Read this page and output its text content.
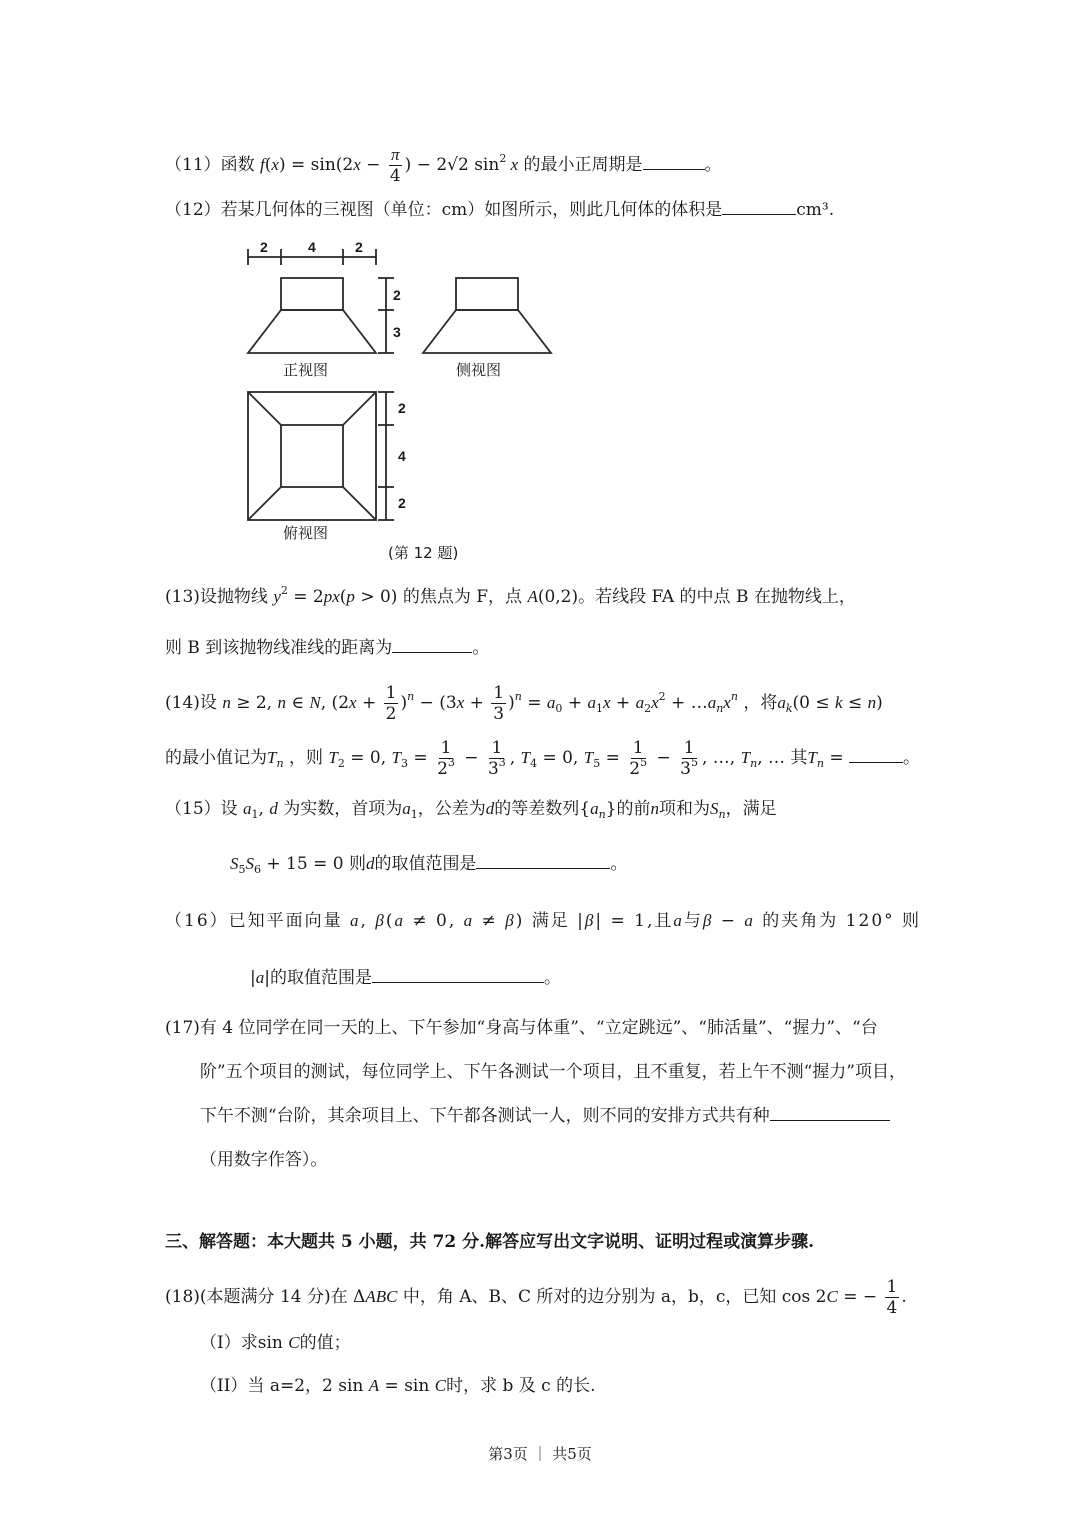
（11）函数 $f(x) = \sin(2x - \frac{\pi}{4}$ ) − 2√2 $\sin^2 x$ 的最小正周期是	。
（12）若某几何体的三视图（单位：cm）如图所示，则此几何体的体积是	cm³.
2	4	2
2
3
2
4
2
正视图	侧视图
俯视图
(第 12 题)
(13)设抛物线 $y^2 = 2px(p > 0)$ 的焦点为 F，点 A(0,2)。若线段 FA 的中点 B 在抛物线上，
则 B 到该抛物线准线的距离为	。
(14)设 n ≥ 2, n ∈ N, $(2x + \frac{1}{2} )^n - (3x + \frac{1}{3} )^n = a_0 + a_1x + a_2x^2$ + $\dots a_nx^n$ ，将$a_k(0 \le k \le n)$
的最小值记为$T_n$ ，则 $T_2 = 0$, $T_3 = \frac{1}{2^3} - \frac{1}{3^3}$ , $T_4 = 0$, $T_5 = \frac{1}{2^5} - \frac{1}{3^5}$ , …, $T_n$, … 其$T_n$ =	。
（15）设 $a_1$, d 为实数，首项为$a_1$，公差为d的等差数列$\{a_n\}$的前n项和为$S_n$，满足
$S_5S_6 + 15 = 0$ 则d的取值范围是	。
（16）已知平面向量 a, β(a ≠ 0, a ≠ β) 满足 |β| = 1,且a与β − a 的夹角为 120° 则
|a|的取值范围是	。
(17) 有 4 位同学在同一天的上、下午参加“身高与体重”、“立定跳远”、“肺活量”、“握力”、“台阶”五个项目的测试，每位同学上、下午各测试一个项目，且不重复，若上午不测“握力”项目，下午不测“台阶，其余项目上、下午都各测试一人，则不同的安排方式共有种（用数字作答）。
三、解答题：本大题共 5 小题，共 72 分.解答应写出文字说明、证明过程或演算步骤.
(18)(本题满分 14 分)在 ΔABC 中，角 A、B、C 所对的边分别为 a，b，c，已知 cos 2C = − $\frac{1}{4}$ .
（I）求sin C的值；
（II）当 a=2，2 sin A = sin C时，求 b 及 c 的长.
第3页 ｜ 共5页
